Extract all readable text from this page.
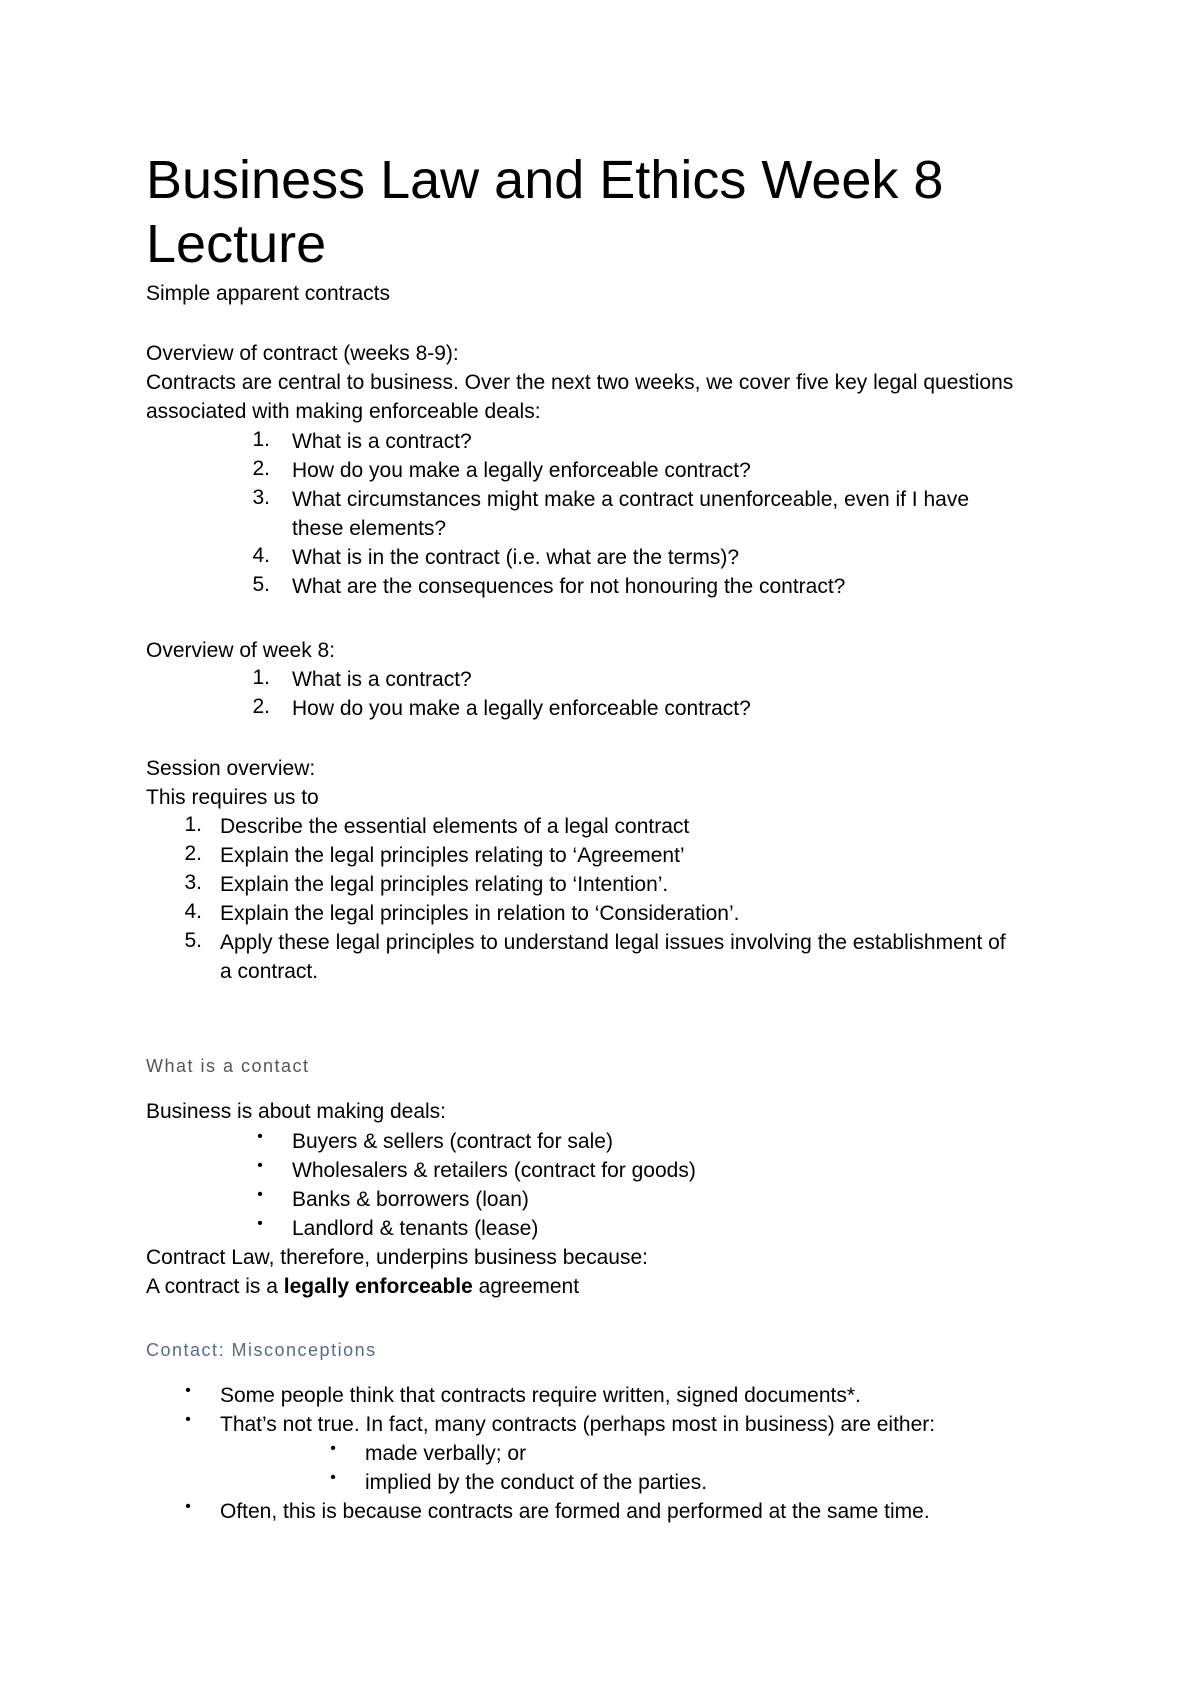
Business Law and Ethics Week 8
Lecture
Simple apparent contracts
Overview of contract (weeks 8-9):
Contracts are central to business. Over the next two weeks, we cover five key legal questions
associated with making enforceable deals:
1. What is a contract?
2. How do you make a legally enforceable contract?
3. What circumstances might make a contract unenforceable, even if I have
these elements?
4. What is in the contract (i.e. what are the terms)?
5. What are the consequences for not honouring the contract?
Overview of week 8:
1. What is a contract?
2. How do you make a legally enforceable contract?
Session overview:
This requires us to
1. Describe the essential elements of a legal contract
2. Explain the legal principles relating to ‘Agreement’
3. Explain the legal principles relating to ‘Intention’.
4. Explain the legal principles in relation to ‘Consideration’.
5. Apply these legal principles to understand legal issues involving the establishment of
a contract.
What is a contact
Business is about making deals:
• Buyers & sellers (contract for sale)
• Wholesalers & retailers (contract for goods)
• Banks & borrowers (loan)
• Landlord & tenants (lease)
Contract Law, therefore, underpins business because:
A contract is a legally enforceable agreement
Contact: Misconceptions
• Some people think that contracts require written, signed documents*.
• That’s not true. In fact, many contracts (perhaps most in business) are either:
• made verbally; or
• implied by the conduct of the parties.
• Often, this is because contracts are formed and performed at the same time.
